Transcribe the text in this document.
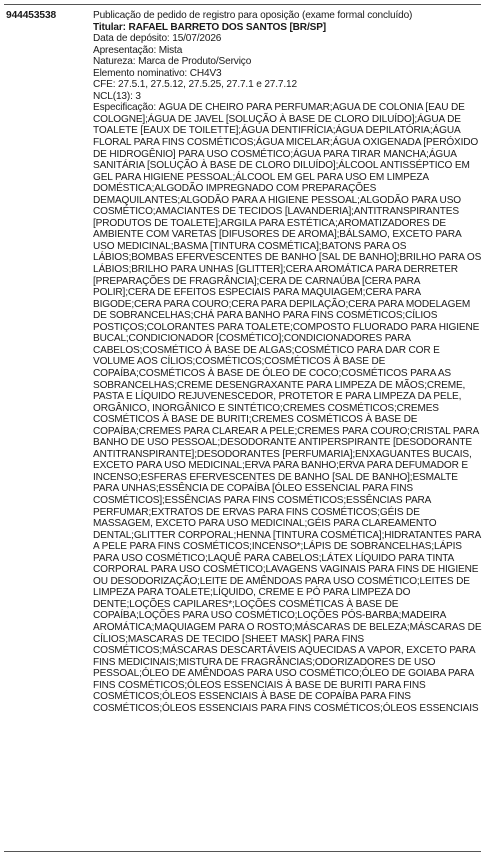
944453538	Publicação de pedido de registro para oposição (exame formal concluído)
Titular: RAFAEL BARRETO DOS SANTOS [BR/SP]
Data de depósito: 15/07/2026
Apresentação: Mista
Natureza: Marca de Produto/Serviço
Elemento nominativo: CH4V3
CFE: 27.5.1, 27.5.12, 27.5.25, 27.7.1 e 27.7.12
NCL(13): 3
Especificação: ÁGUA DE CHEIRO PARA PERFUMAR;ÁGUA DE COLÔNIA [EAU DE COLOGNE];ÁGUA DE JAVEL [SOLUÇÃO À BASE DE CLORO DILUÍDO];ÁGUA DE TOALETE [EAUX DE TOILETTE];ÁGUA DENTIFRÍCIA;ÁGUA DEPILATÓRIA;ÁGUA FLORAL PARA FINS COSMÉTICOS;ÁGUA MICELAR;ÁGUA OXIGENADA [PERÓXIDO DE HIDROGÊNIO] PARA USO COSMÉTICO;ÁGUA PARA TIRAR MANCHA;ÁGUA SANITÁRIA [SOLUÇÃO À BASE DE CLORO DILUÍDO];ÁLCOOL ANTISSÉPTICO EM GEL PARA HIGIENE PESSOAL;ÁLCOOL EM GEL PARA USO EM LIMPEZA DOMÉSTICA;ALGODÃO IMPREGNADO COM PREPARAÇÕES DEMAQUILANTES;ALGODÃO PARA A HIGIENE PESSOAL;ALGODÃO PARA USO COSMÉTICO;AMACIANTES DE TECIDOS [LAVANDERIA];ANTITRANSPIRANTES [PRODUTOS DE TOALETE];ARGILA PARA ESTÉTICA;AROMATIZADORES DE AMBIENTE COM VARETAS [DIFUSORES DE AROMA];BÁLSAMO, EXCETO PARA USO MEDICINAL;BASMA [TINTURA COSMÉTICA];BATONS PARA OS LÁBIOS;BOMBAS EFERVESCENTES DE BANHO [SAL DE BANHO];BRILHO PARA OS LÁBIOS;BRILHO PARA UNHAS [GLITTER];CERA AROMÁTICA PARA DERRETER [PREPARAÇÕES DE FRAGRÂNCIA];CERA DE CARNAÚBA [CERA PARA POLIR];CERA DE EFEITOS ESPECIAIS PARA MAQUIAGEM;CERA PARA BIGODE;CERA PARA COURO;CERA PARA DEPILAÇÃO;CERA PARA MODELAGEM DE SOBRANCELHAS;CHÁ PARA BANHO PARA FINS COSMÉTICOS;CÍLIOS POSTIÇOS;COLORANTES PARA TOALETE;COMPOSTO FLUORADO PARA HIGIENE BUCAL;CONDICIONADOR [COSMÉTICO];CONDICIONADORES PARA CABELOS;COSMÉTICO À BASE DE ALGAS;COSMÉTICO PARA DAR COR E VOLUME AOS CÍLIOS;COSMÉTICOS;COSMÉTICOS À BASE DE COPAÍBA;COSMÉTICOS À BASE DE ÓLEO DE COCO;COSMÉTICOS PARA AS SOBRANCELHAS;CREME DESENGRAXANTE PARA LIMPEZA DE MÃOS;CREME, PASTA E LÍQUIDO REJUVENESCEDOR, PROTETOR E PARA LIMPEZA DA PELE, ORGÂNICO, INORGÂNICO E SINTÉTICO;CREMES COSMÉTICOS;CREMES COSMÉTICOS À BASE DE BURITI;CREMES COSMÉTICOS À BASE DE COPAÍBA;CREMES PARA CLAREAR A PELE;CREMES PARA COURO;CRISTAL PARA BANHO DE USO PESSOAL;DESODORANTE ANTIPERSPIRANTE [DESODORANTE ANTITRANSPIRANTE];DESODORANTES [PERFUMARIA];ENXAGUANTES BUCAIS, EXCETO PARA USO MEDICINAL;ERVA PARA BANHO;ERVA PARA DEFUMADOR E INCENSO;ESFERAS EFERVESCENTES DE BANHO [SAL DE BANHO];ESMALTE PARA UNHAS;ESSÊNCIA DE COPAÍBA [ÓLEO ESSENCIAL PARA FINS COSMÉTICOS];ESSÊNCIAS PARA FINS COSMÉTICOS;ESSÊNCIAS PARA PERFUMAR;EXTRATOS DE ERVAS PARA FINS COSMÉTICOS;GÉIS DE MASSAGEM, EXCETO PARA USO MEDICINAL;GÉIS PARA CLAREAMENTO DENTAL;GLITTER CORPORAL;HENNA [TINTURA COSMÉTICA];HIDRATANTES PARA A PELE PARA FINS COSMÉTICOS;INCENSO*;LÁPIS DE SOBRANCELHAS;LÁPIS PARA USO COSMÉTICO;LAQUÊ PARA CABELOS;LÁTEX LÍQUIDO PARA TINTA CORPORAL PARA USO COSMÉTICO;LAVAGENS VAGINAIS PARA FINS DE HIGIENE OU DESODORIZAÇÃO;LEITE DE AMÊNDOAS PARA USO COSMÉTICO;LEITES DE LIMPEZA PARA TOALETE;LÍQUIDO, CREME E PÓ PARA LIMPEZA DO DENTE;LOÇÕES CAPILARES*;LOÇÕES COSMÉTICAS À BASE DE COPAÍBA;LOÇÕES PARA USO COSMÉTICO;LOÇÕES PÓS-BARBA;MADEIRA AROMÁTICA;MAQUIAGEM PARA O ROSTO;MÁSCARAS DE BELEZA;MÁSCARAS DE CÍLIOS;MASCARAS DE TECIDO [SHEET MASK] PARA FINS COSMÉTICOS;MÁSCARAS DESCARTÁVEIS AQUECIDAS A VAPOR, EXCETO PARA FINS MEDICINAIS;MISTURA DE FRAGRÂNCIAS;ODORIZADORES DE USO PESSOAL;ÓLEO DE AMÊNDOAS PARA USO COSMÉTICO;ÓLEO DE GOIABA PARA FINS COSMÉTICOS;ÓLEOS ESSENCIAIS À BASE DE BURITI PARA FINS COSMÉTICOS;ÓLEOS ESSENCIAIS À BASE DE COPAÍBA PARA FINS COSMÉTICOS;ÓLEOS ESSENCIAIS PARA FINS COSMÉTICOS;ÓLEOS ESSENCIAIS
